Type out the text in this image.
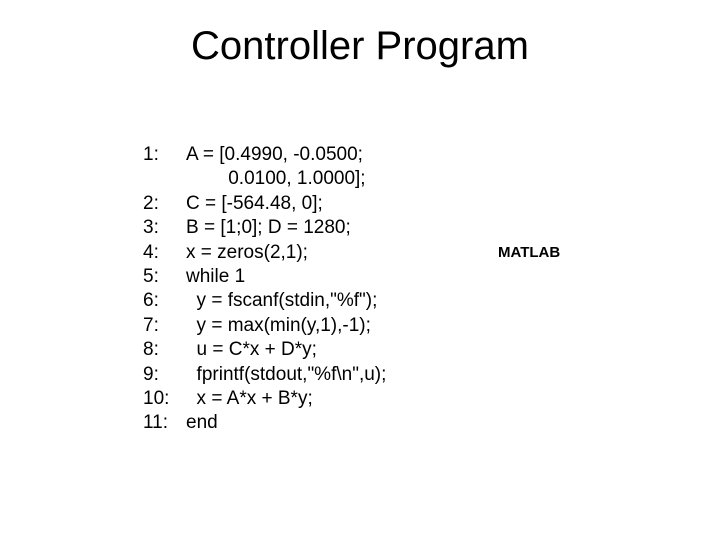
Controller Program
1:	A = [0.4990, -0.0500;
0.0100, 1.0000];
2:	C = [-564.48, 0];
3:	B = [1;0]; D = 1280;
4:	x = zeros(2,1);
5:	while 1
6:	y = fscanf(stdin,"%f");
7:	y = max(min(y,1),-1);
8:	u = C*x + D*y;
9:	fprintf(stdout,"%f\n",u);
10: x = A*x + B*y;
11: end
MATLAB
